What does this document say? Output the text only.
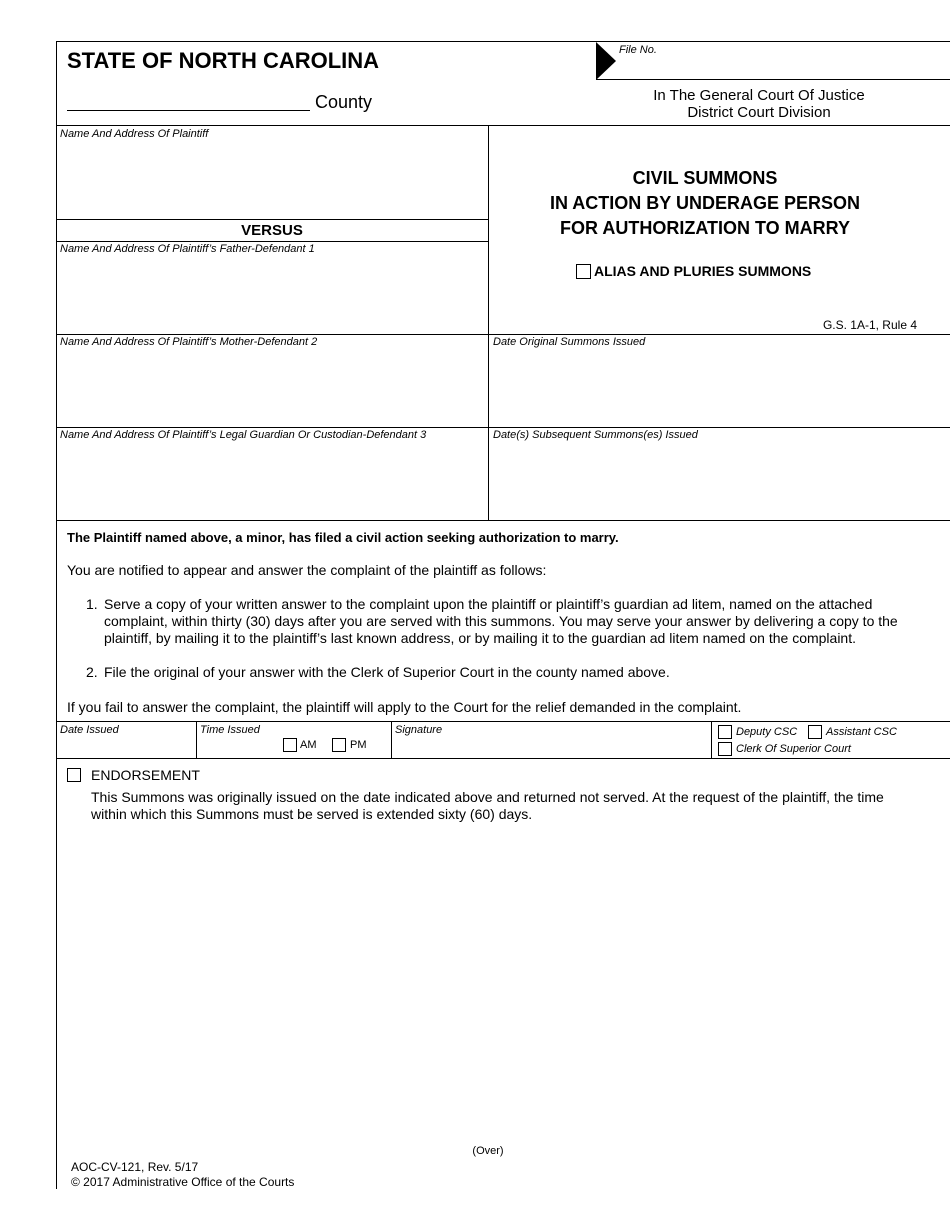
STATE OF NORTH CAROLINA
County
File No.
In The General Court Of Justice
District Court Division
Name And Address Of Plaintiff
VERSUS
Name And Address Of Plaintiff’s Father-Defendant 1
Name And Address Of Plaintiff’s Mother-Defendant 2
Name And Address Of Plaintiff’s Legal Guardian Or Custodian-Defendant 3
CIVIL SUMMONS
IN ACTION BY UNDERAGE PERSON
FOR AUTHORIZATION TO MARRY
ALIAS AND PLURIES SUMMONS
G.S. 1A-1, Rule 4
Date Original Summons Issued
Date(s) Subsequent Summons(es) Issued
The Plaintiff named above, a minor, has filed a civil action seeking authorization to marry.
You are notified to appear and answer the complaint of the plaintiff as follows:
1. Serve a copy of your written answer to the complaint upon the plaintiff or plaintiff’s guardian ad litem, named on the attached
complaint, within thirty (30) days after you are served with this summons. You may serve your answer by delivering a copy to the
plaintiff, by mailing it to the plaintiff’s last known address, or by mailing it to the guardian ad litem named on the complaint.
2. File the original of your answer with the Clerk of Superior Court in the county named above.
If you fail to answer the complaint, the plaintiff will apply to the Court for the relief demanded in the complaint.
Date Issued	Time Issued
AM	PM
Signature	Deputy CSC	Assistant CSC
Clerk Of Superior Court
ENDORSEMENT
This Summons was originally issued on the date indicated above and returned not served. At the request of the plaintiff, the time
within which this Summons must be served is extended sixty (60) days.
(Over)
AOC-CV-121, Rev. 5/17
© 2017 Administrative Office of the Courts
